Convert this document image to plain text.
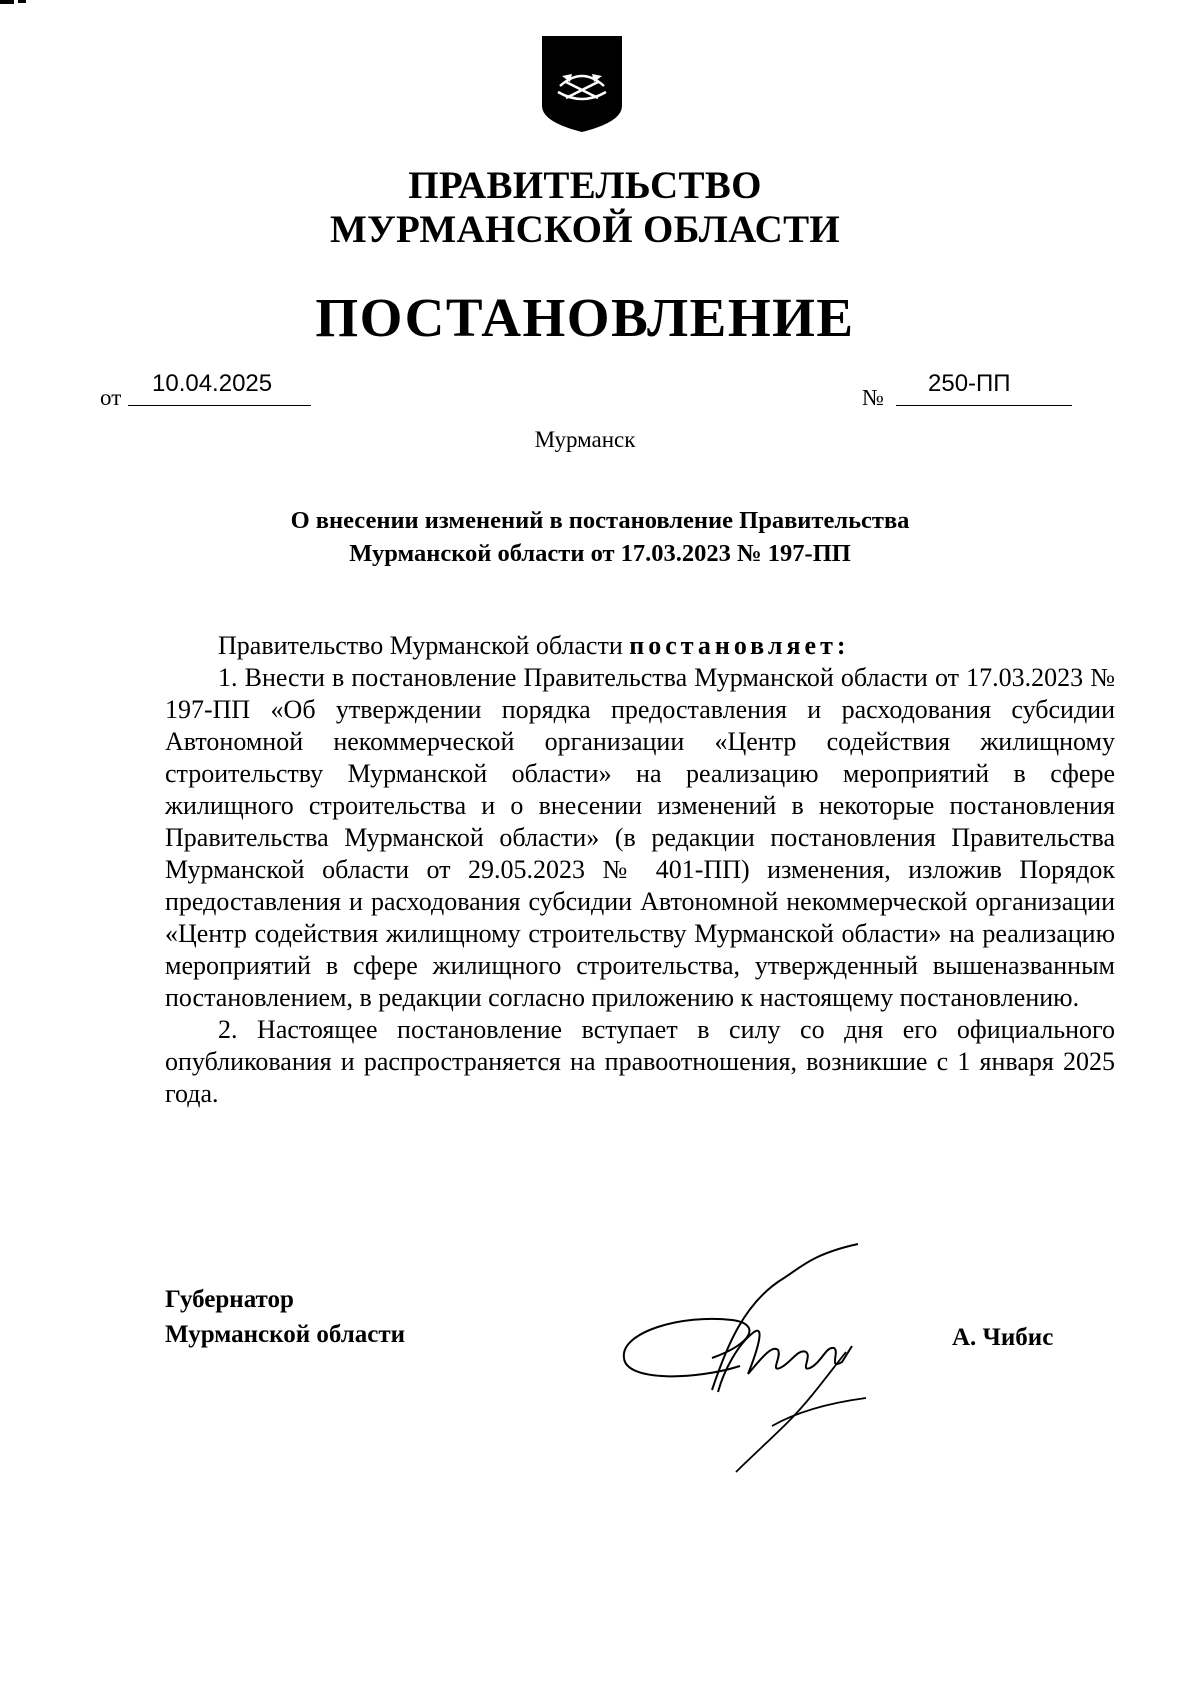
ПРАВИТЕЛЬСТВО
МУРМАНСКОЙ ОБЛАСТИ
ПОСТАНОВЛЕНИЕ
от
10.04.2025
№
250-ПП
Мурманск
О внесении изменений в постановление Правительства
Мурманской области от 17.03.2023 № 197-ПП

Правительство Мурманской области постановляет:

1. Внести в постановление Правительства Мурманской области от 17.03.2023 № 197-ПП «Об утверждении порядка предоставления и расходования субсидии Автономной некоммерческой организации «Центр содействия жилищному строительству Мурманской области» на реализацию мероприятий в сфере жилищного строительства и о внесении изменений в некоторые постановления Правительства Мурманской области» (в редакции постановления Правительства Мурманской области от 29.05.2023 № 401-ПП) изменения, изложив Порядок предоставления и расходования субсидии Автономной некоммерческой организации «Центр содействия жилищному строительству Мурманской области» на реализацию мероприятий в сфере жилищного строительства, утвержденный вышеназванным постановлением, в редакции согласно приложению к настоящему постановлению.

2. Настоящее постановление вступает в силу со дня его официального опубликования и распространяется на правоотношения, возникшие с 1 января 2025 года.

Губернатор
Мурманской области	А. Чибис
